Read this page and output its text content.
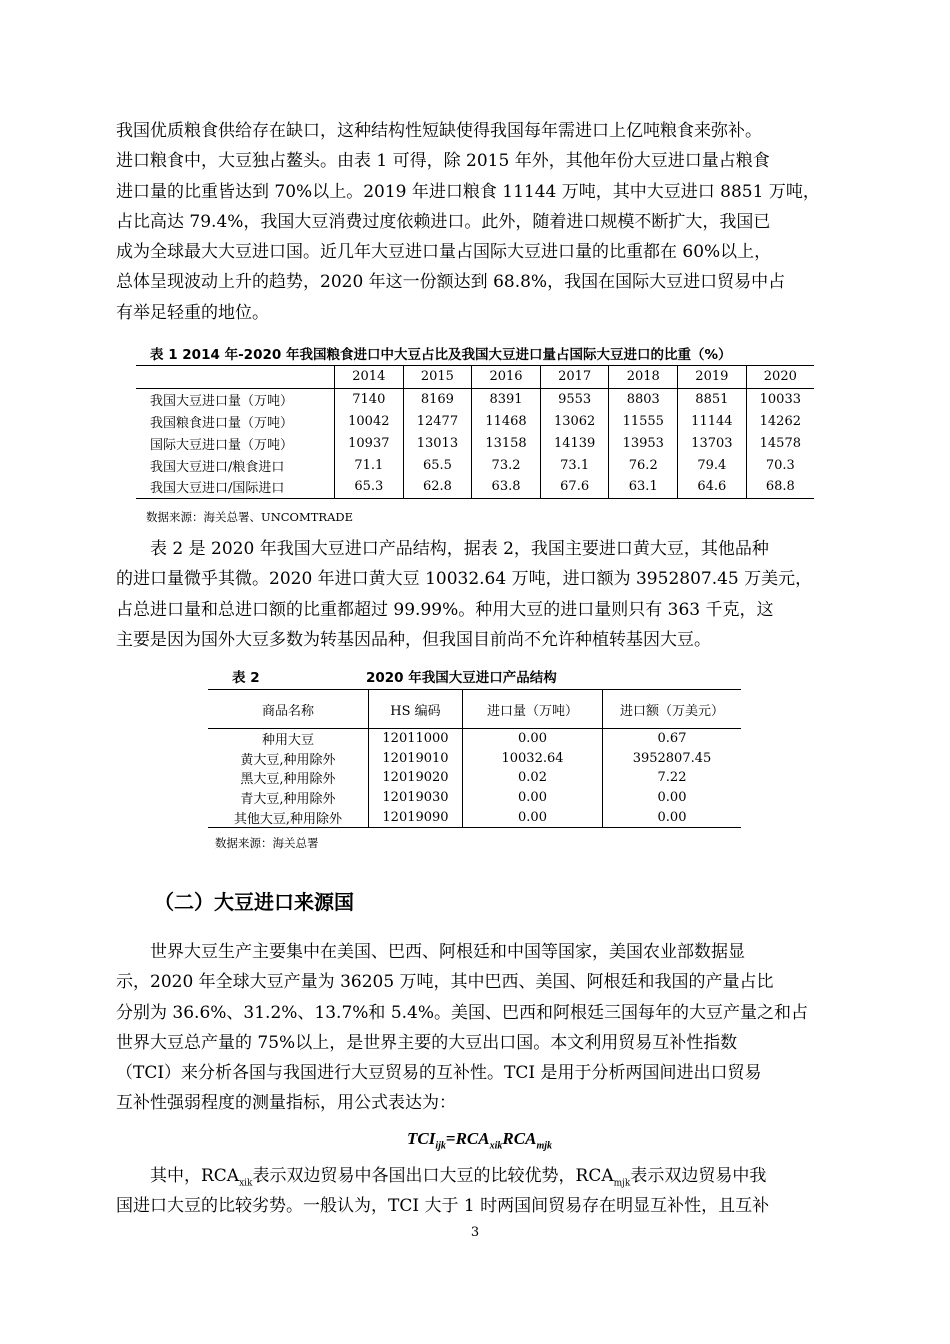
我国优质粮食供给存在缺口，这种结构性短缺使得我国每年需进口上亿吨粮食来弥补。
进口粮食中，大豆独占鳌头。由表 1 可得，除 2015 年外，其他年份大豆进口量占粮食
进口量的比重皆达到 70%以上。2019 年进口粮食 11144 万吨，其中大豆进口 8851 万吨，
占比高达 79.4%，我国大豆消费过度依赖进口。此外，随着进口规模不断扩大，我国已
成为全球最大大豆进口国。近几年大豆进口量占国际大豆进口量的比重都在 60%以上，
总体呈现波动上升的趋势，2020 年这一份额达到 68.8%，我国在国际大豆进口贸易中占
有举足轻重的地位。
表 1 2014 年-2020 年我国粮食进口中大豆占比及我国大豆进口量占国际大豆进口的比重（%）
	2014	2015	2016	2017	2018	2019	2020
我国大豆进口量（万吨）	7140	8169	8391	9553	8803	8851	10033
我国粮食进口量（万吨）	10042	12477	11468	13062	11555	11144	14262
国际大豆进口量（万吨）	10937	13013	13158	14139	13953	13703	14578
我国大豆进口/粮食进口	71.1	65.5	73.2	73.1	76.2	79.4	70.3
我国大豆进口/国际进口	65.3	62.8	63.8	67.6	63.1	64.6	68.8
数据来源：海关总署、UNCOMTRADE
表 2 是 2020 年我国大豆进口产品结构，据表 2，我国主要进口黄大豆，其他品种
的进口量微乎其微。2020 年进口黄大豆 10032.64 万吨，进口额为 3952807.45 万美元，
占总进口量和总进口额的比重都超过 99.99%。种用大豆的进口量则只有 363 千克，这
主要是因为国外大豆多数为转基因品种，但我国目前尚不允许种植转基因大豆。
表 2	2020 年我国大豆进口产品结构
商品名称	HS 编码	进口量（万吨）	进口额（万美元）
种用大豆	12011000	0.00	0.67
黄大豆,种用除外	12019010	10032.64	3952807.45
黑大豆,种用除外	12019020	0.02	7.22
青大豆,种用除外	12019030	0.00	0.00
其他大豆,种用除外	12019090	0.00	0.00
数据来源：海关总署
（二）大豆进口来源国
世界大豆生产主要集中在美国、巴西、阿根廷和中国等国家，美国农业部数据显
示，2020 年全球大豆产量为 36205 万吨，其中巴西、美国、阿根廷和我国的产量占比
分别为 36.6%、31.2%、13.7%和 5.4%。美国、巴西和阿根廷三国每年的大豆产量之和占
世界大豆总产量的 75%以上，是世界主要的大豆出口国。本文利用贸易互补性指数
（TCI）来分析各国与我国进行大豆贸易的互补性。TCI 是用于分析两国间进出口贸易
互补性强弱程度的测量指标，用公式表达为：
$TCI_{ijk}=RCA_{xik}RCA_{mjk}$
其中，$RCA_{xik}$表示双边贸易中各国出口大豆的比较优势，$RCA_{mjk}$表示双边贸易中我
国进口大豆的比较劣势。一般认为，TCI 大于 1 时两国间贸易存在明显互补性，且互补
3
